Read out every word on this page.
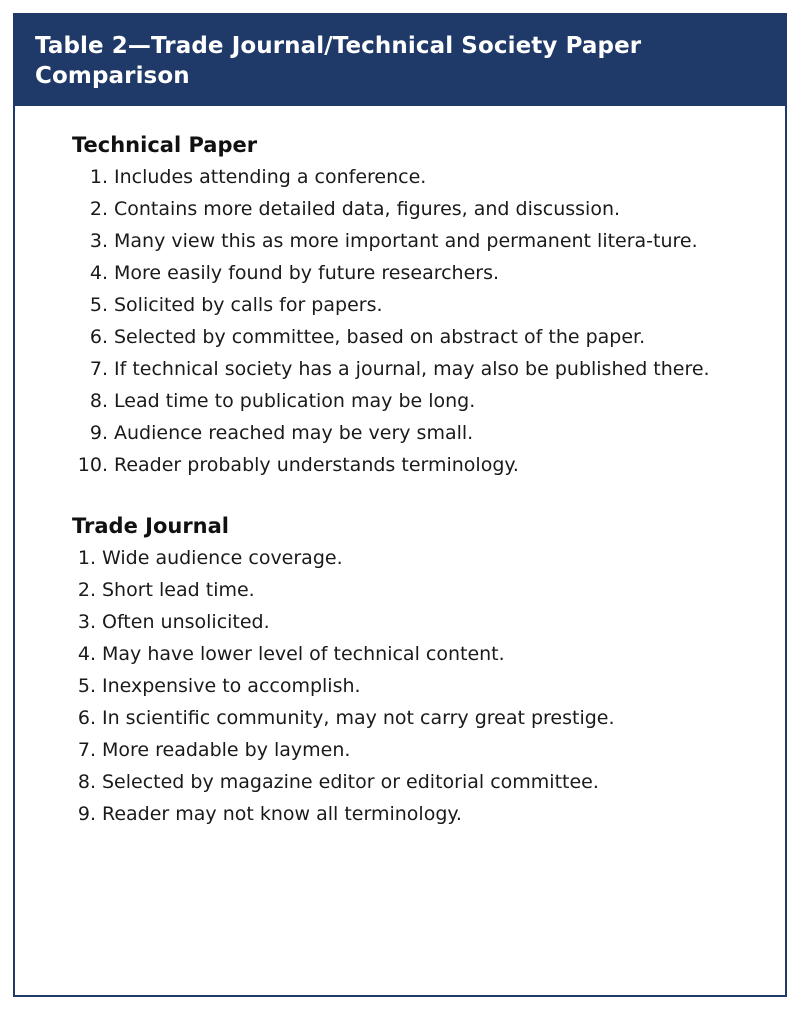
Table 2—Trade Journal/Technical Society Paper
Comparison

Technical Paper
1. Includes attending a conference.
2. Contains more detailed data, figures, and discussion.
3. Many view this as more important and permanent litera-ture.
4. More easily found by future researchers.
5. Solicited by calls for papers.
6. Selected by committee, based on abstract of the paper.
7. If technical society has a journal, may also be published there.
8. Lead time to publication may be long.
9. Audience reached may be very small.
10. Reader probably understands terminology.
Trade Journal
1. Wide audience coverage.
2. Short lead time.
3. Often unsolicited.
4. May have lower level of technical content.
5. Inexpensive to accomplish.
6. In scientific community, may not carry great prestige.
7. More readable by laymen.
8. Selected by magazine editor or editorial committee.
9. Reader may not know all terminology.
